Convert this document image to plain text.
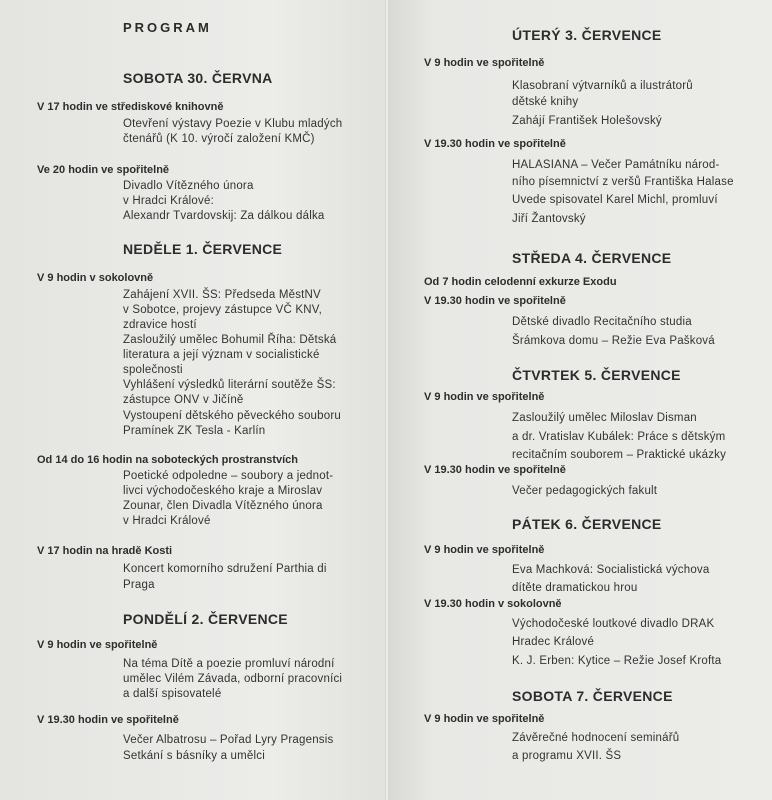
PROGRAM
SOBOTA 30. ČERVNA
V 17 hodin ve střediskové knihovně
Otevření výstavy Poezie v Klubu mladých
čtenářů (K 10. výročí založení KMČ)
Ve 20 hodin ve spořitelně
Divadlo Vítězného února
v Hradci Králové:
Alexandr Tvardovskij: Za dálkou dálka
NEDĚLE 1. ČERVENCE
V 9 hodin v sokolovně
Zahájení XVII. ŠS: Předseda MěstNV
v Sobotce, projevy zástupce VČ KNV,
zdravice hostí
Zasloužilý umělec Bohumil Říha: Dětská
literatura a její význam v socialistické
společnosti
Vyhlášení výsledků literární soutěže ŠS:
zástupce ONV v Jičíně
Vystoupení dětského pěveckého souboru
Pramínek ZK Tesla - Karlín
Od 14 do 16 hodin na soboteckých prostranstvích
Poetické odpoledne – soubory a jednot-
livci východočeského kraje a Miroslav
Zounar, člen Divadla Vítězného února
v Hradci Králové
V 17 hodin na hradě Kosti
Koncert komorního sdružení Parthia di
Praga
PONDĚLÍ 2. ČERVENCE
V 9 hodin ve spořitelně
Na téma Dítě a poezie promluví národní
umělec Vilém Závada, odborní pracovníci
a další spisovatelé
V 19.30 hodin ve spořitelně
Večer Albatrosu – Pořad Lyry Pragensis
Setkání s básníky a umělci
ÚTERÝ 3. ČERVENCE
V 9 hodin ve spořitelně
Klasobraní výtvarníků a ilustrátorů
dětské knihy
Zahájí František Holešovský
V 19.30 hodin ve spořitelně
HALASIANA – Večer Památníku národ-
ního písemnictví z veršů Františka Halase
Uvede spisovatel Karel Michl, promluví
Jiří Žantovský
STŘEDA 4. ČERVENCE
Od 7 hodin celodenní exkurze Exodu
V 19.30 hodin ve spořitelně
Dětské divadlo Recitačního studia
Šrámkova domu – Režie Eva Pašková
ČTVRTEK 5. ČERVENCE
V 9 hodin ve spořitelně
Zasloužilý umělec Miloslav Disman
a dr. Vratislav Kubálek: Práce s dětským
recitačním souborem – Praktické ukázky
V 19.30 hodin ve spořitelně
Večer pedagogických fakult
PÁTEK 6. ČERVENCE
V 9 hodin ve spořitelně
Eva Machková: Socialistická výchova
dítěte dramatickou hrou
V 19.30 hodin v sokolovně
Východočeské loutkové divadlo DRAK
Hradec Králové
K. J. Erben: Kytice – Režie Josef Krofta
SOBOTA 7. ČERVENCE
V 9 hodin ve spořitelně
Závěrečné hodnocení seminářů
a programu XVII. ŠS
